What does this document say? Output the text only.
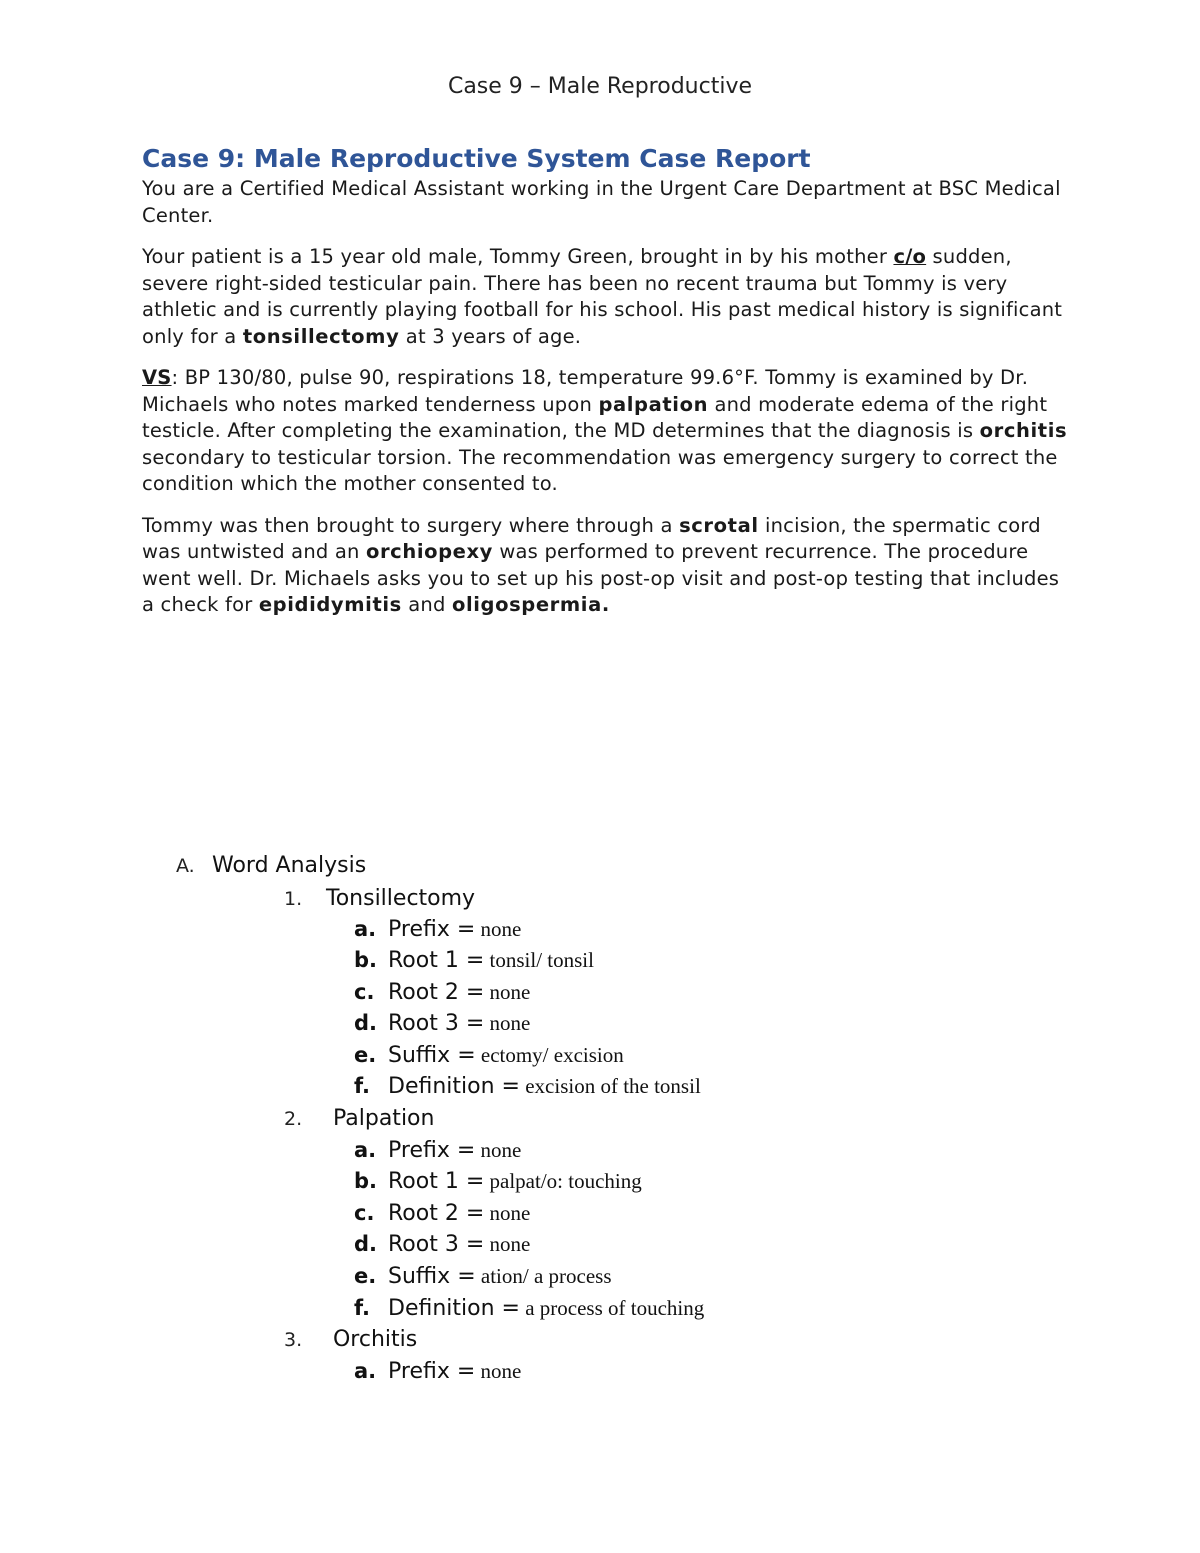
Case 9 – Male Reproductive
Case 9: Male Reproductive System Case Report

You are a Certified Medical Assistant working in the Urgent Care Department at BSC Medical Center.

Your patient is a 15 year old male, Tommy Green, brought in by his mother c/o sudden, severe right-sided testicular pain. There has been no recent trauma but Tommy is very athletic and is currently playing football for his school. His past medical history is significant only for a tonsillectomy at 3 years of age.

VS: BP 130/80, pulse 90, respirations 18, temperature 99.6°F. Tommy is examined by Dr. Michaels who notes marked tenderness upon palpation and moderate edema of the right testicle. After completing the examination, the MD determines that the diagnosis is orchitis secondary to testicular torsion. The recommendation was emergency surgery to correct the condition which the mother consented to.

Tommy was then brought to surgery where through a scrotal incision, the spermatic cord was untwisted and an orchiopexy was performed to prevent recurrence. The procedure went well. Dr. Michaels asks you to set up his post-op visit and post-op testing that includes a check for epididymitis and oligospermia.

A. Word Analysis
1. Tonsillectomy
a. Prefix = none
b. Root 1 = tonsil/ tonsil
c. Root 2 = none
d. Root 3 = none
e. Suffix = ectomy/ excision
f. Definition = excision of the tonsil
2. Palpation
a. Prefix = none
b. Root 1 = palpat/o: touching
c. Root 2 = none
d. Root 3 = none
e. Suffix = ation/ a process
f. Definition = a process of touching
3. Orchitis
a. Prefix = none
